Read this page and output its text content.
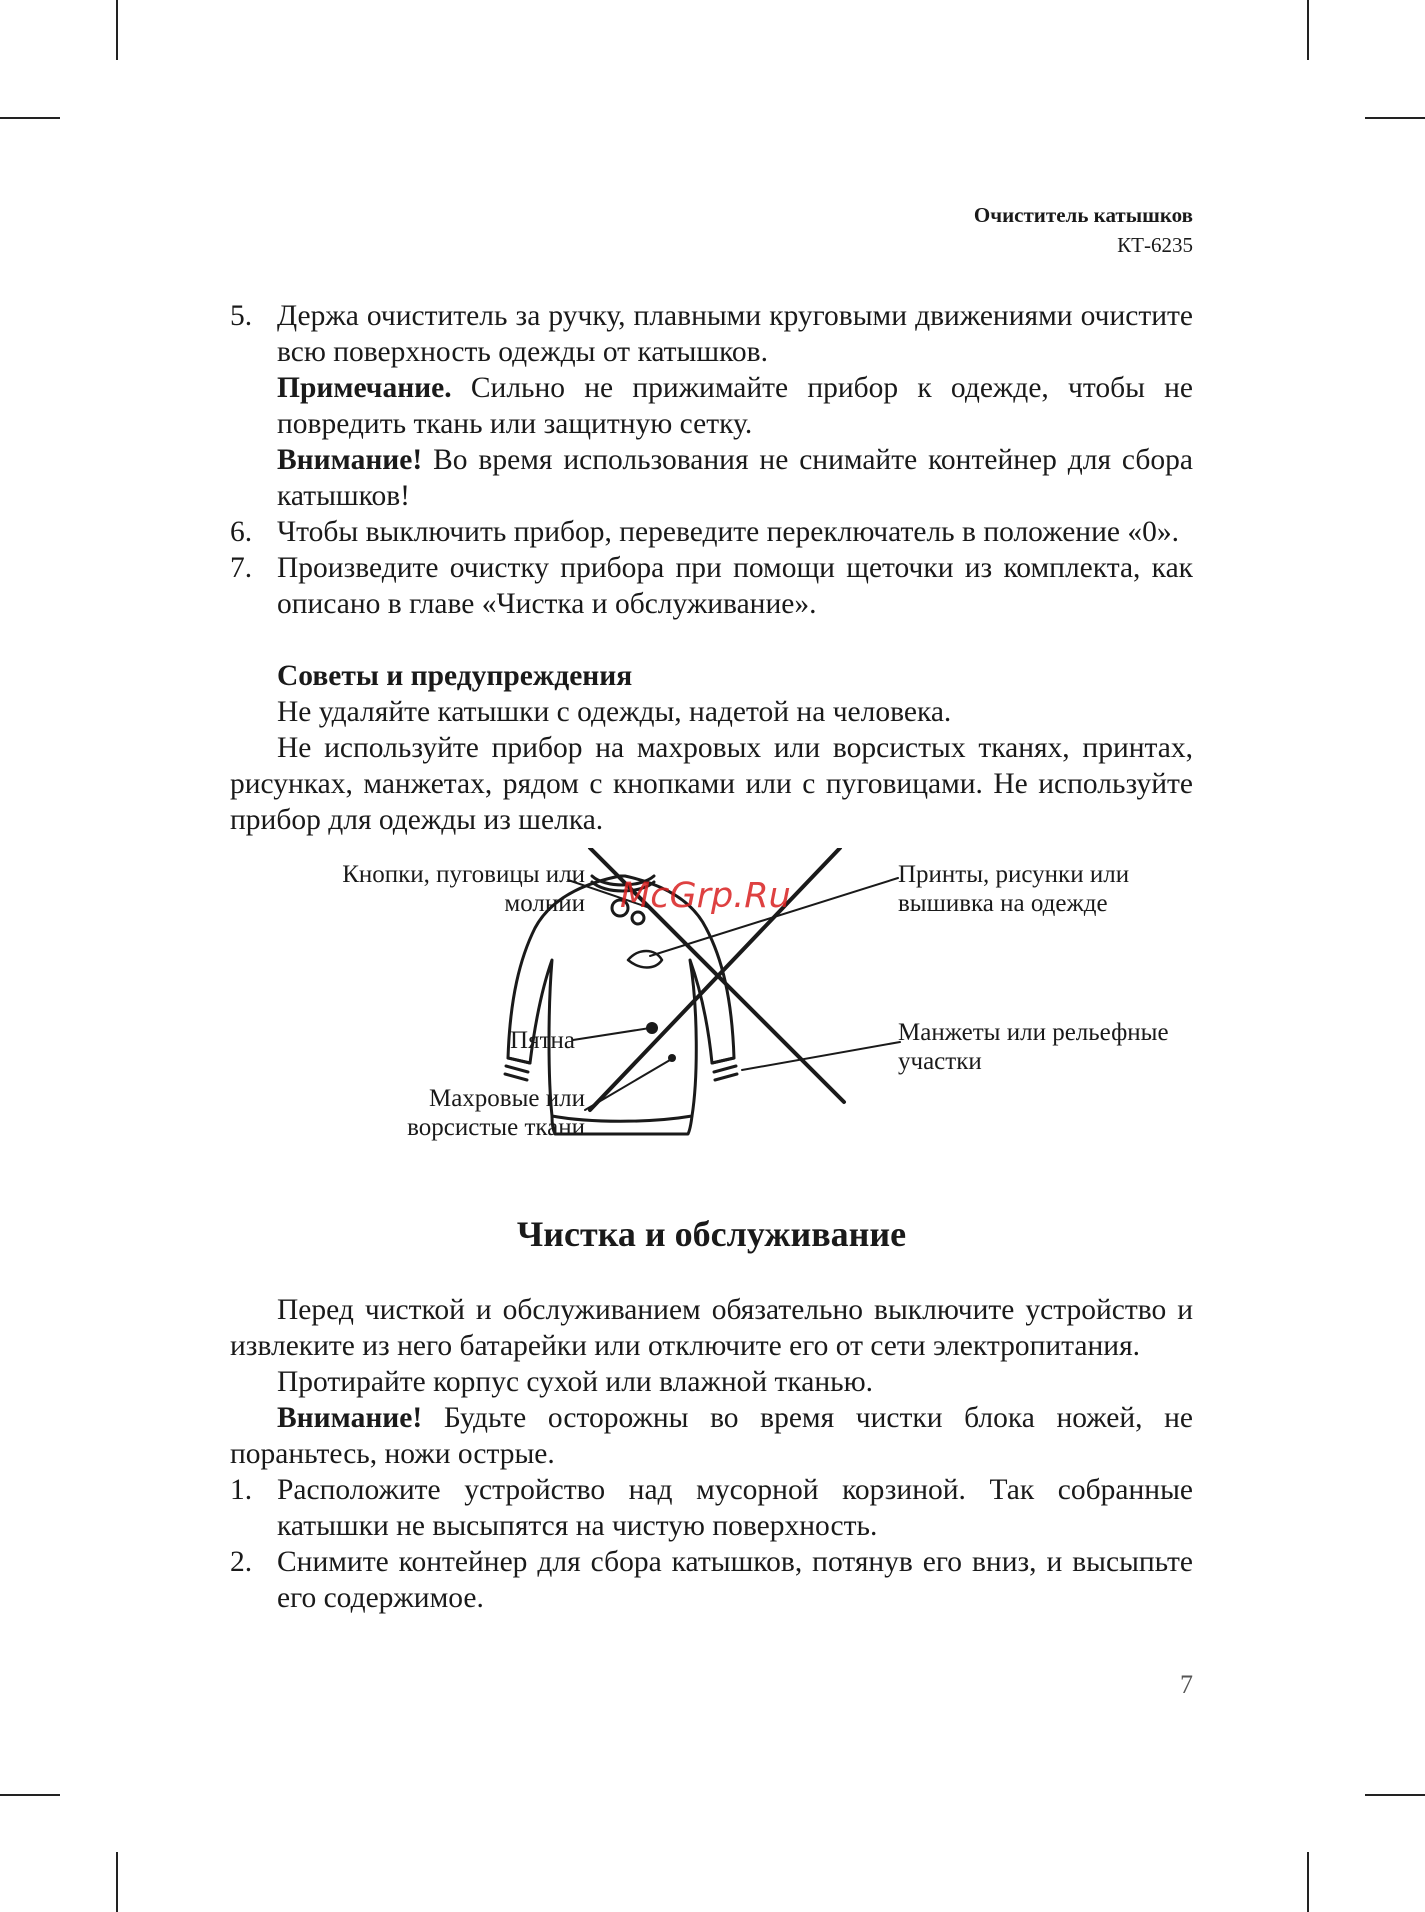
Очиститель катышков
КТ-6235
5. Держа очиститель за ручку, плавными круговыми движениями очистите всю поверхность одежды от катышков.

Примечание. Сильно не прижимайте прибор к одежде, чтобы не повредить ткань или защитную сетку.

Внимание! Во время использования не снимайте контейнер для сбора катышков!

6. Чтобы выключить прибор, переведите переключатель в положение «0».

7. Произведите очистку прибора при помощи щеточки из комплекта, как описано в главе «Чистка и обслуживание».

Советы и предупреждения

Не удаляйте катышки с одежды, надетой на человека.

Не используйте прибор на махровых или ворсистых тканях, принтах, рисунках, манжетах, рядом с кнопками или с пуговицами. Не используйте прибор для одежды из шелка.

Кнопки, пуговицы или молнии
Принты, рисунки или вышивка на одежде
Пятна	Манжеты или рельефные участки
Махровые или ворсистые ткани
McGrp.Ru
Чистка и обслуживание

Перед чисткой и обслуживанием обязательно выключите устройство и извлеките из него батарейки или отключите его от сети электропитания.

Протирайте корпус сухой или влажной тканью.

Внимание! Будьте осторожны во время чистки блока ножей, не пораньтесь, ножи острые.

1. Расположите устройство над мусорной корзиной. Так собранные катышки не высыпятся на чистую поверхность.

2. Снимите контейнер для сбора катышков, потянув его вниз, и высыпьте его содержимое.

7
